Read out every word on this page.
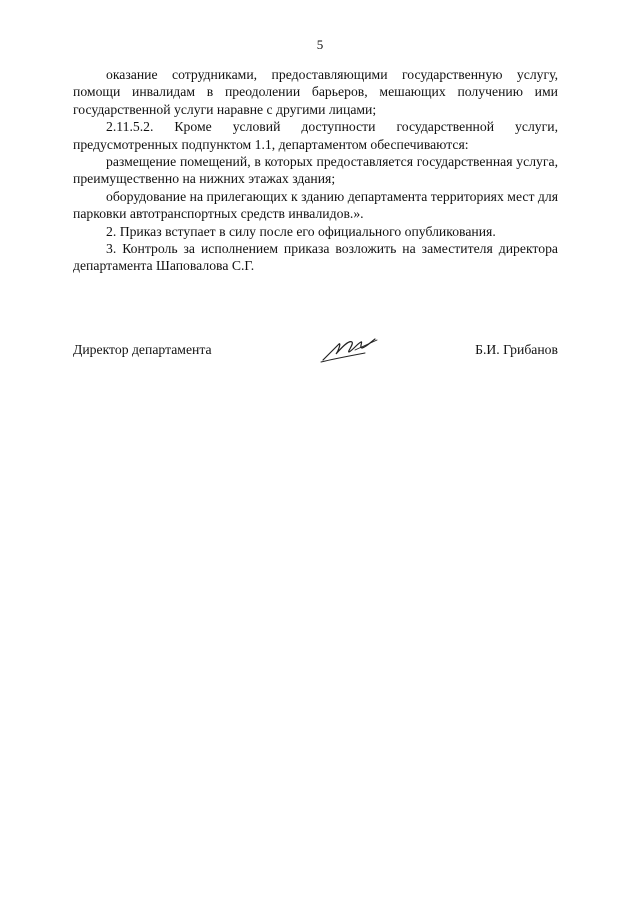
5

оказание сотрудниками, предоставляющими государственную услугу, помощи инвалидам в преодолении барьеров, мешающих получению ими государственной услуги наравне с другими лицами;

2.11.5.2. Кроме условий доступности государственной услуги, предусмотренных подпунктом 1.1, департаментом обеспечиваются:

размещение помещений, в которых предоставляется государственная услуга, преимущественно на нижних этажах здания;

оборудование на прилегающих к зданию департамента территориях мест для парковки автотранспортных средств инвалидов.».

2. Приказ вступает в силу после его официального опубликования.

3. Контроль за исполнением приказа возложить на заместителя директора департамента Шаповалова С.Г.

Директор департамента	Б.И. Грибанов
